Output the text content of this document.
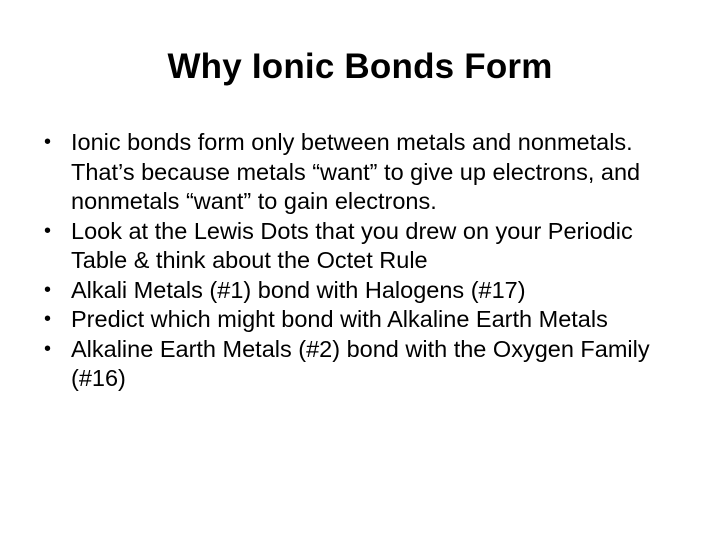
Why Ionic Bonds Form
• Ionic bonds form only between metals and nonmetals. That’s because metals “want” to give up electrons, and nonmetals “want” to gain electrons.
• Look at the Lewis Dots that you drew on your Periodic Table & think about the Octet Rule
• Alkali Metals (#1) bond with Halogens (#17)
• Predict which might bond with Alkaline Earth Metals
• Alkaline Earth Metals (#2) bond with the Oxygen Family (#16)
